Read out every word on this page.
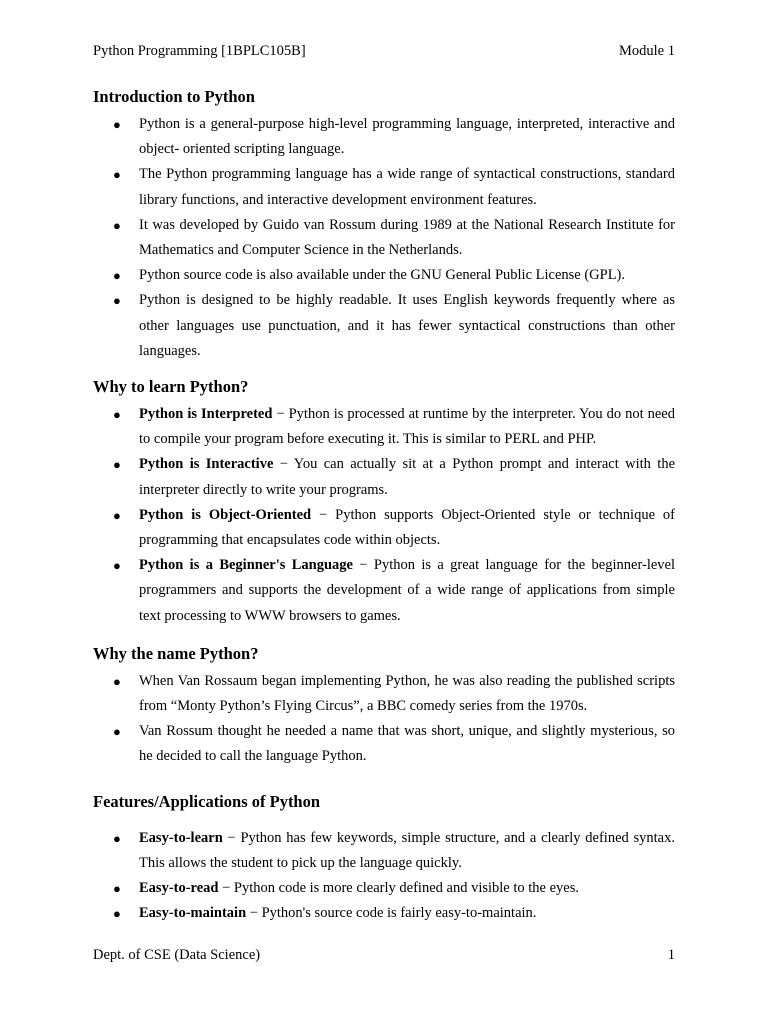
Python Programming [1BPLC105B]	Module 1
Introduction to Python
● Python is a general-purpose high-level programming language, interpreted, interactive and object- oriented scripting language.
● The Python programming language has a wide range of syntactical constructions, standard library functions, and interactive development environment features.
● It was developed by Guido van Rossum during 1989 at the National Research Institute for Mathematics and Computer Science in the Netherlands.
● Python source code is also available under the GNU General Public License (GPL).
● Python is designed to be highly readable. It uses English keywords frequently where as other languages use punctuation, and it has fewer syntactical constructions than other languages.
Why to learn Python?
● Python is Interpreted − Python is processed at runtime by the interpreter. You do not need to compile your program before executing it. This is similar to PERL and PHP.
● Python is Interactive − You can actually sit at a Python prompt and interact with the interpreter directly to write your programs.
● Python is Object-Oriented − Python supports Object-Oriented style or technique of programming that encapsulates code within objects.
● Python is a Beginner's Language − Python is a great language for the beginner-level programmers and supports the development of a wide range of applications from simple text processing to WWW browsers to games.
Why the name Python?
● When Van Rossaum began implementing Python, he was also reading the published scripts from “Monty Python’s Flying Circus”, a BBC comedy series from the 1970s.
● Van Rossum thought he needed a name that was short, unique, and slightly mysterious, so he decided to call the language Python.
Features/Applications of Python
● Easy-to-learn − Python has few keywords, simple structure, and a clearly defined syntax. This allows the student to pick up the language quickly.
● Easy-to-read − Python code is more clearly defined and visible to the eyes.
● Easy-to-maintain − Python's source code is fairly easy-to-maintain.
Dept. of CSE (Data Science)	1
